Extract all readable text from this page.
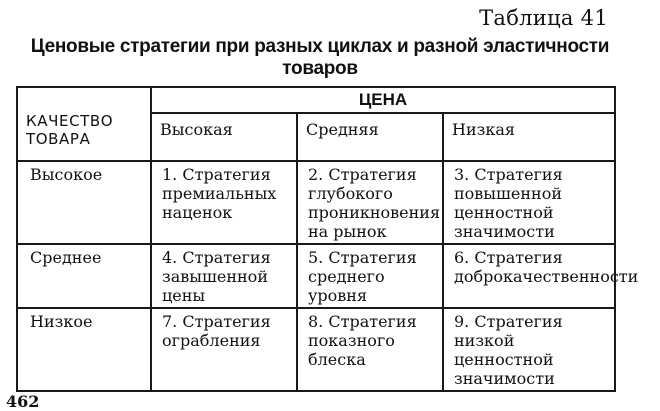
Таблица 41
Ценовые стратегии при разных циклах и разной эластичности товаров
КАЧЕСТВО ТОВАРА	ЦЕНА		
	Высокая	Средняя	Низкая
Высокое	1. Стратегия премиальных наценок	2. Стратегия глубокого проникновения на рынок	3. Стратегия повышенной ценностной значимости
Среднее	4. Стратегия завышенной цены	5. Стратегия среднего уровня	6. Стратегия доброкачественности
Низкое	7. Стратегия ограбления	8. Стратегия показного блеска	9. Стратегия низкой ценностной значимости
462
